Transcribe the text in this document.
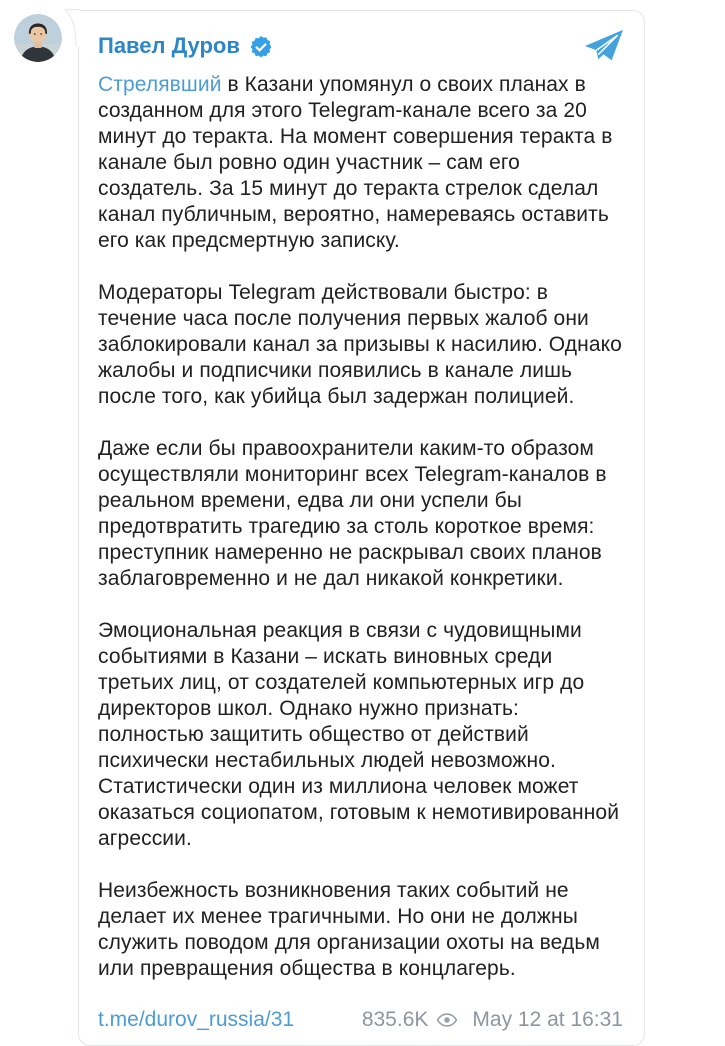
Павел Дуров

Стрелявший в Казани упомянул о своих планах в созданном для этого Telegram-канале всего за 20 минут до теракта. На момент совершения теракта в канале был ровно один участник – сам его создатель. За 15 минут до теракта стрелок сделал канал публичным, вероятно, намереваясь оставить его как предсмертную записку.

Модераторы Telegram действовали быстро: в течение часа после получения первых жалоб они заблокировали канал за призывы к насилию. Однако жалобы и подписчики появились в канале лишь после того, как убийца был задержан полицией.

Даже если бы правоохранители каким-то образом осуществляли мониторинг всех Telegram-каналов в реальном времени, едва ли они успели бы предотвратить трагедию за столь короткое время: преступник намеренно не раскрывал своих планов заблаговременно и не дал никакой конкретики.

Эмоциональная реакция в связи с чудовищными событиями в Казани – искать виновных среди третьих лиц, от создателей компьютерных игр до директоров школ. Однако нужно признать: полностью защитить общество от действий психически нестабильных людей невозможно. Статистически один из миллиона человек может оказаться социопатом, готовым к немотивированной агрессии.

Неизбежность возникновения таких событий не делает их менее трагичными. Но они не должны служить поводом для организации охоты на ведьм или превращения общества в концлагерь.

t.me/durov_russia/31	835.6K May 12 at 16:31
